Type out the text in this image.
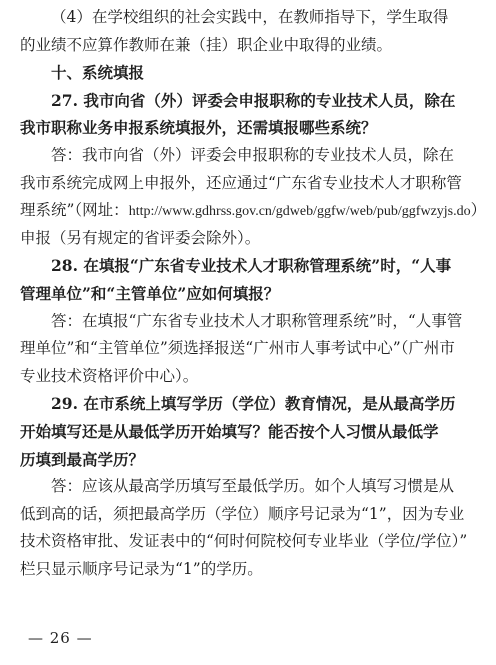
（4）在学校组织的社会实践中，在教师指导下，学生取得
的业绩不应算作教师在兼（挂）职企业中取得的业绩。
十、系统填报
27. 我市向省（外）评委会申报职称的专业技术人员，除在
我市职称业务申报系统填报外，还需填报哪些系统？
答：我市向省（外）评委会申报职称的专业技术人员，除在
我市系统完成网上申报外，还应通过“广东省专业技术人才职称管
理系统”（网址：http://www.gdhrss.gov.cn/gdweb/ggfw/web/pub/ggfwzyjs.do）
申报（另有规定的省评委会除外）。
28. 在填报“广东省专业技术人才职称管理系统”时，“人事
管理单位”和“主管单位”应如何填报？
答：在填报“广东省专业技术人才职称管理系统”时，“人事管
理单位”和“主管单位”须选择报送“广州市人事考试中心”（广州市
专业技术资格评价中心）。
29. 在市系统上填写学历（学位）教育情况，是从最高学历
开始填写还是从最低学历开始填写？能否按个人习惯从最低学
历填到最高学历？
答：应该从最高学历填写至最低学历。如个人填写习惯是从
低到高的话，须把最高学历（学位）顺序号记录为“1”，因为专业
技术资格审批、发证表中的“何时何院校何专业毕业（学位/学位）”
栏只显示顺序号记录为“1”的学历。
— 26 —
